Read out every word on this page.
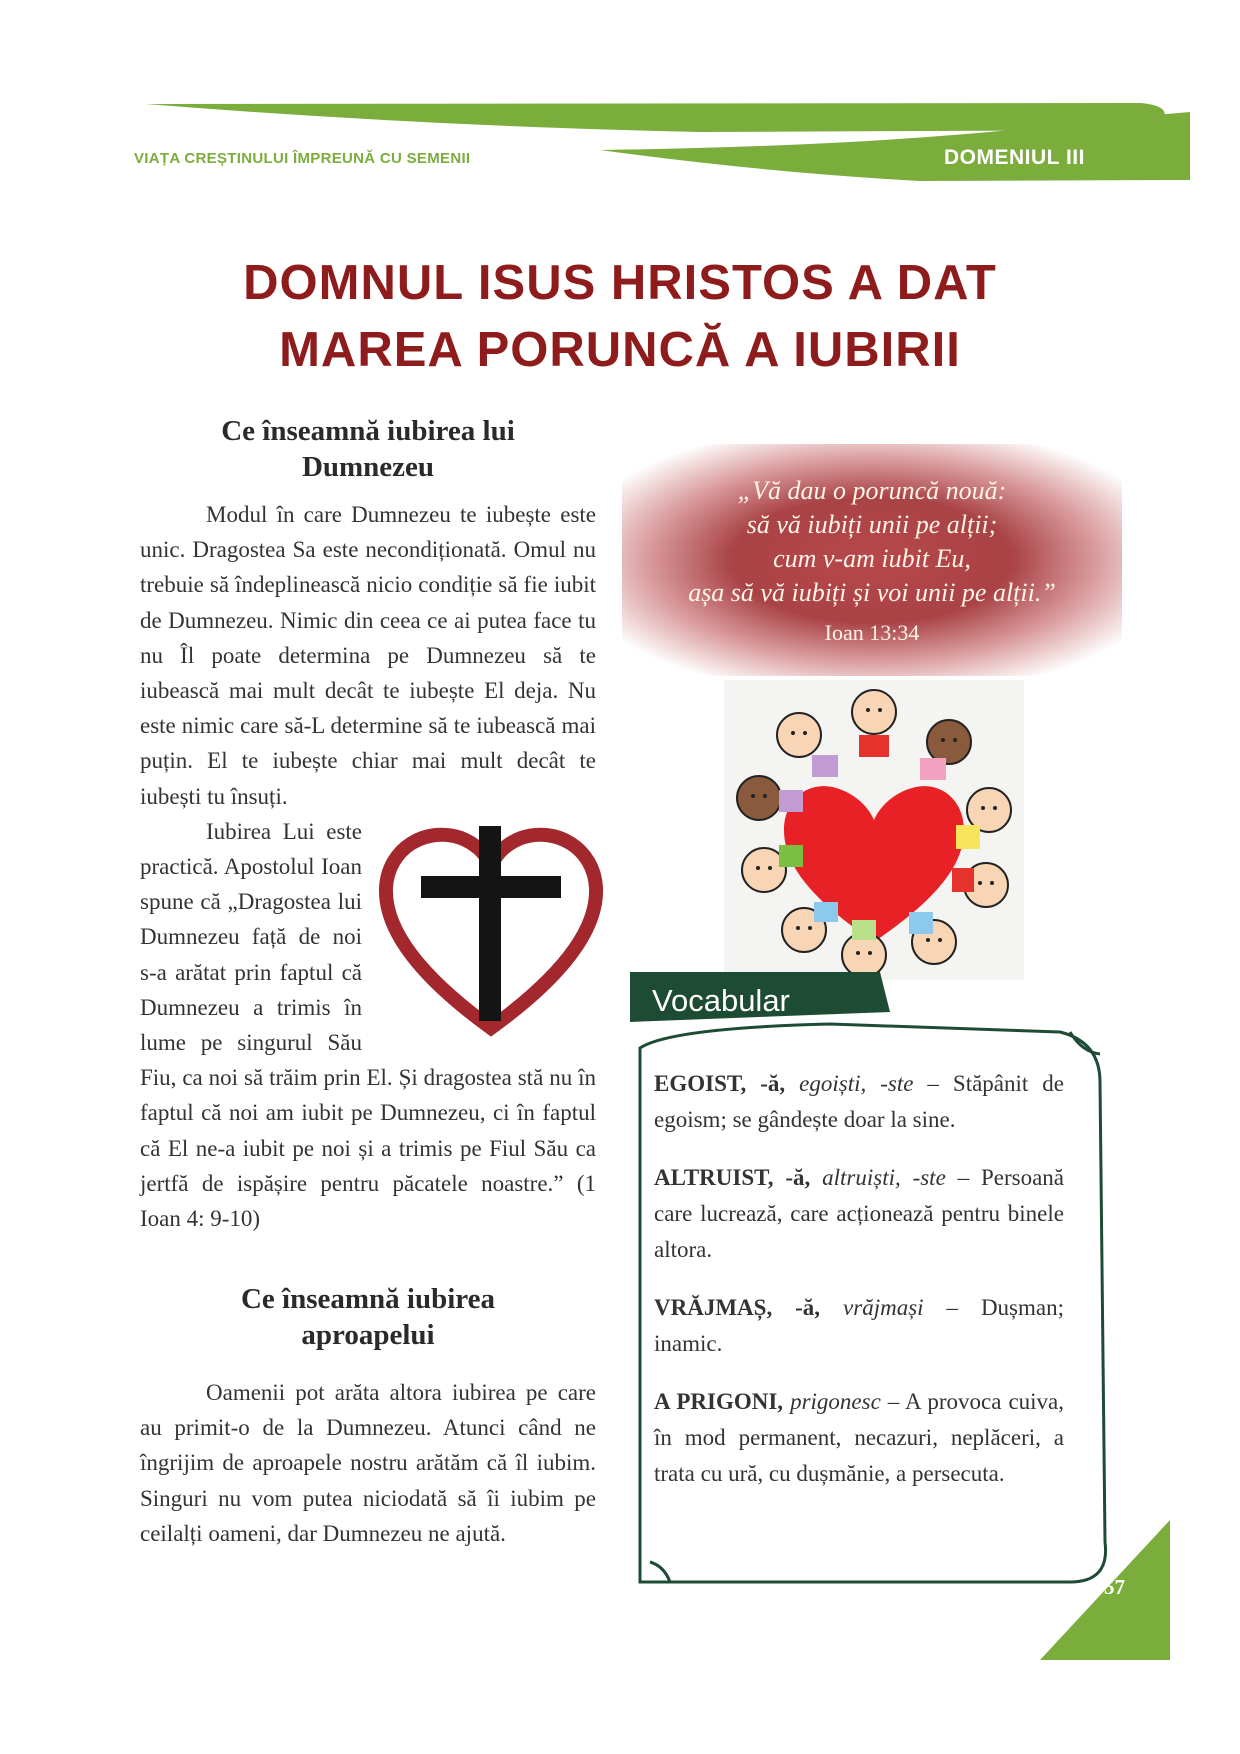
VIAȚA CREȘTINULUI ÎMPREUNĂ CU SEMENII	DOMENIUL III
DOMNUL ISUS HRISTOS A DAT
MAREA PORUNCĂ A IUBIRII
Ce înseamnă iubirea lui
Dumnezeu

Modul în care Dumnezeu te iubește este unic. Dragostea Sa este necondiționată. Omul nu trebuie să îndeplinească nicio condiție să fie iubit de Dumnezeu. Nimic din ceea ce ai putea face tu nu Îl poate determina pe Dumnezeu să te iubească mai mult decât te iubește El deja. Nu este nimic care să-L determine să te iubească mai puțin. El te iubește chiar mai mult decât te iubești tu însuți.

Iubirea Lui este practică. Apostolul Ioan spune că „Dragostea lui Dumnezeu față de noi s-a arătat prin faptul că Dumnezeu a trimis în lume pe singurul Său Fiu, ca noi să trăim prin El. Și dragostea stă nu în faptul că noi am iubit pe Dumnezeu, ci în faptul că El ne-a iubit pe noi și a trimis pe Fiul Său ca jertfă de ispășire pentru păcatele noastre.” (1 Ioan 4: 9-10)
Ce înseamnă iubirea
aproapelui

Oamenii pot arăta altora iubirea pe care au primit-o de la Dumnezeu. Atunci când ne îngrijim de aproapele nostru arătăm că îl iubim. Singuri nu vom putea niciodată să îi iubim pe ceilalți oameni, dar Dumnezeu ne ajută.

„Vă dau o poruncă nouă:
să vă iubiți unii pe alții;
cum v-am iubit Eu,
așa să vă iubiți și voi unii pe alții.”
Ioan 13:34
Vocabular

EGOIST, -ă, egoiști, -ste – Stăpânit de egoism; se gândește doar la sine.

ALTRUIST, -ă, altruiști, -ste – Persoană care lucrează, care acționează pentru binele altora.

VRĂJMAȘ, -ă, vrăjmași – Dușman; inamic.

A PRIGONI, prigonesc – A provoca cuiva, în mod permanent, necazuri, neplăceri, a trata cu ură, cu dușmănie, a persecuta.

57
